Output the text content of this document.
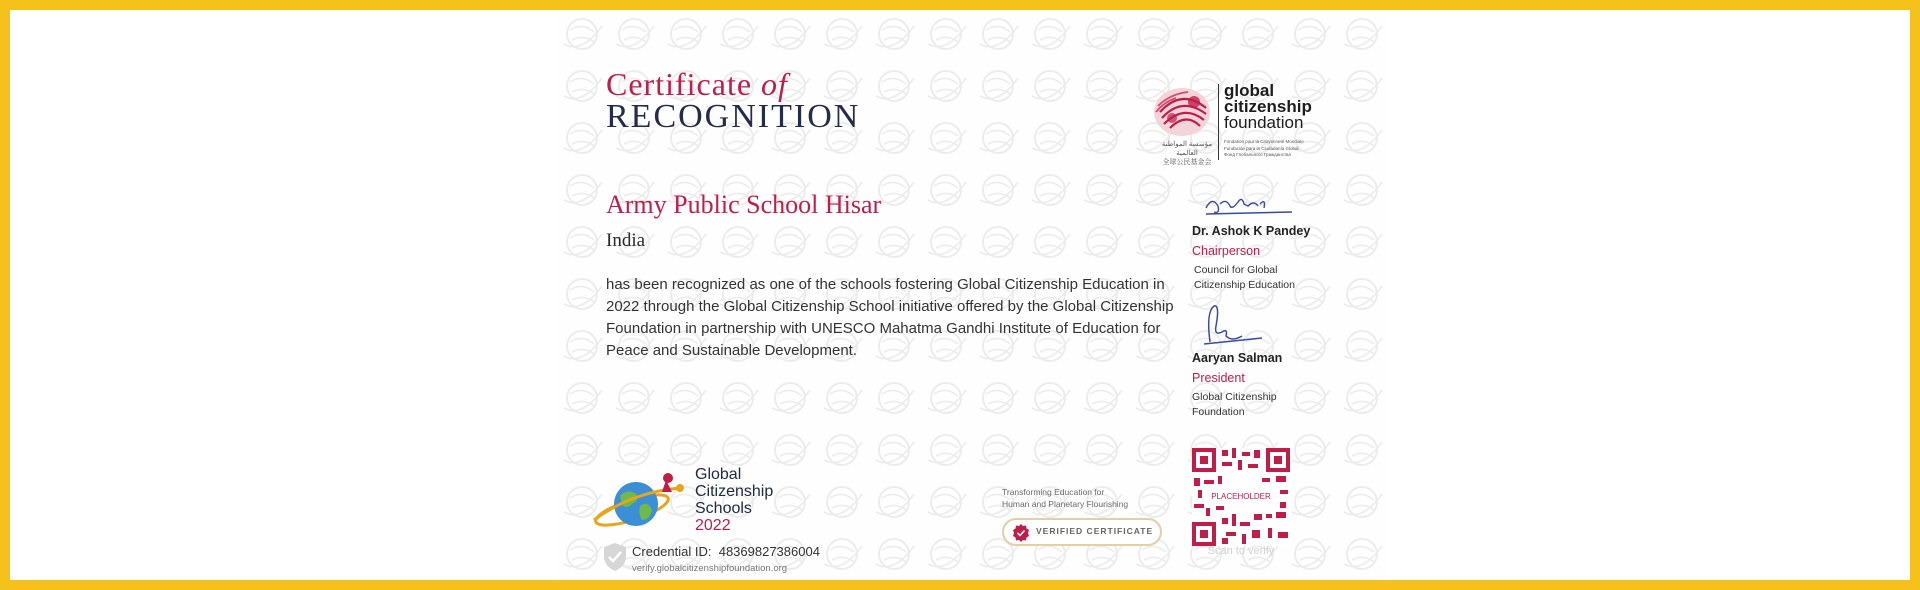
Certificate of
RECOGNITION
Army Public School Hisar
India
has been recognized as one of the schools fostering Global Citizenship Education in 2022 through the Global Citizenship School initiative offered by the Global Citizenship Foundation in partnership with UNESCO Mahatma Gandhi Institute of Education for Peace and Sustainable Development.
global
citizenship
foundation
Fondation pour la Citoyenneté Mondiale
Fundación para la Ciudadanía Global
Фонд Глобального Гражданства
مؤسسة المواطنة العالمية
全球公民基金会
Dr. Ashok K Pandey
Chairperson
Council for Global Citizenship Education
Aaryan Salman
President
Global Citizenship Foundation
PLACEHOLDER
Scan to verify
Global
Citizenship
Schools
2022
Credential ID: 48369827386004
verify.globalcitizenshipfoundation.org
Transforming Education for
Human and Planetary Flourishing
VERIFIED CERTIFICATE
